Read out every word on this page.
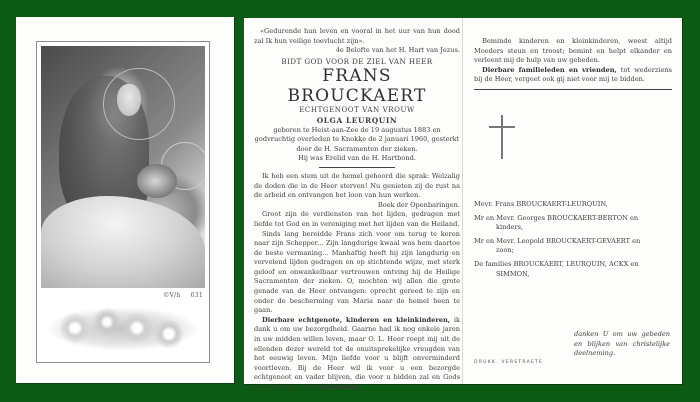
©V/h 631
«Gedurende hun leven en vooral in het uur van hun dood zal Ik hun veilige toevlucht zijn».
4e Belofte van het H. Hart van Jezus.
BIDT GOD VOOR DE ZIEL VAN HEER
FRANS BROUCKAERT
ECHTGENOOT VAN VROUW
OLGA LEURQUIN
geboren te Heist-aan-Zee de 19 augustus 1883 en godvruchtig overleden te Knokke de 2 januari 1960, gesterkt door de H. Sacramenten der zieken.
Hij was Erelid van de H. Hartbond.
Ik heb een stem uit de hemel gehoord die sprak: Welzalig de doden die in de Heer sterven! Nu genieten zij de rust na de arbeid en ontvangen het loon van hun werken.
Boek der Openbaringen.
Groot zijn de verdiensten van het lijden, gedragen met liefde tot God en in vereniging met het lijden van de Heiland.
Sinds lang bereidde Frans zich voor om terug te keren naar zijn Schepper... Zijn langdurige kwaal was hem daartoe de beste vermaning... Manhaftig heeft hij zijn langdurig en vervelend lijden gedragen en op stichtende wijze, met sterk geloof en onwankelbaar vertrouwen ontving hij de Heilige Sacramenten der zieken. O, mochten wij allen die grote genade van de Heer ontvangen: oprecht gereed te zijn en onder de bescherming van Maria naar de hemel heen te gaan.
Dierbare echtgenote, kinderen en kleinkinderen, ik dank u om uw bezorgdheid. Gaarne had ik nog enkele jaren in uw midden willen leven, maar O. L. Heer roept mij uit de ellenden dezer wereld tot de onuitsprekelijke vreugden van het eeuwig leven. Mijn liefde voor u blijft onverminderd voortleven. Bij de Heer wil ik voor u een bezorgde echtgenoot en vader blijven, die voor u bidden zal en Gods mildste zegen over u afsmeken.
Beminde kinderen en kleinkinderen, weest altijd Moeders steun en troost; bemint en helpt elkander en verleent mij de hulp van uw gebeden.
Dierbare familieleden en vrienden, tot wederziens bij de Heer, vergeet ook gij niet voor mij te bidden.
Mevr. Frans BROUCKAERT-LEURQUIN,
Mr en Mevr. Georges BROUCKAERT-BERTON en
kinders,
Mr en Mevr. Leopold BROUCKAERT-GEVAERT en
zoon;
De families BROUCKAERT, LEURQUIN, ACKX en
SIMMON,
danken U om uw gebeden en blijken van christelijke deelneming.
DRUKK. VERSTRAETE
